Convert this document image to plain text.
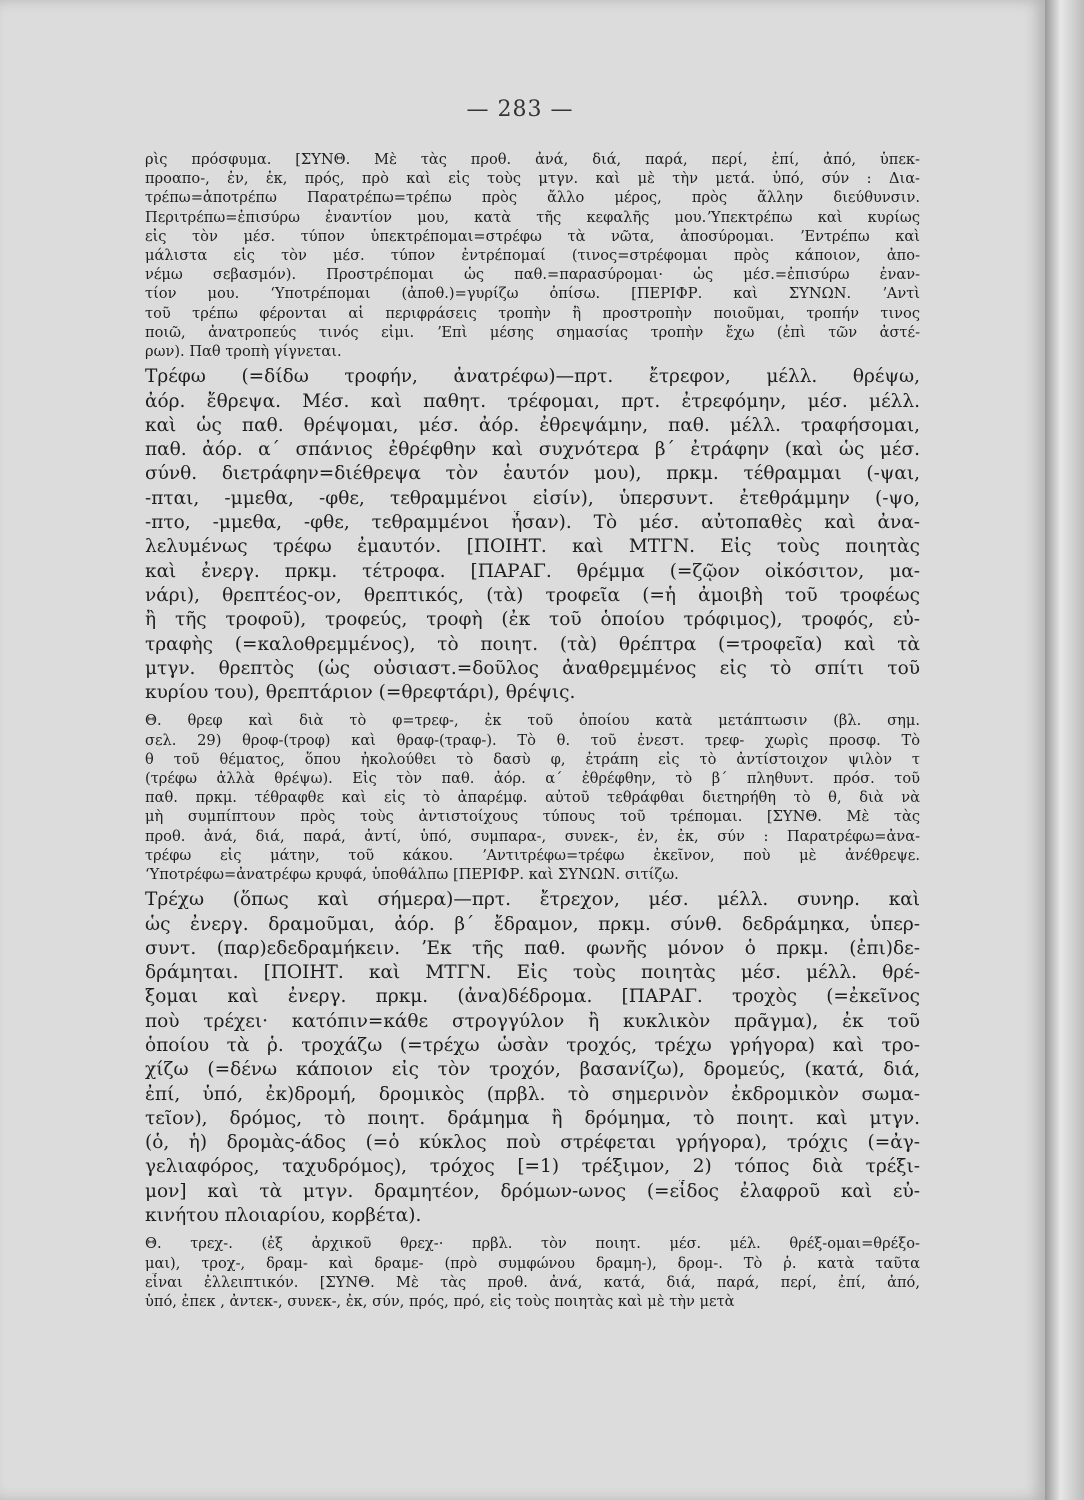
— 283 —
ρὶς πρόσφυμα. [ΣΥΝΘ. Μὲ τὰς προθ. ἀνά, διά, παρά, περί, ἐπί, ἀπό, ὑπεκ-
προαπο-, ἐν, ἐκ, πρός, πρὸ καὶ εἰς τοὺς μτγν. καὶ μὲ τὴν μετά. ὑπό, σύν : Δια-
τρέπω=ἀποτρέπω Παρατρέπω=τρέπω πρὸς ἄλλο μέρος, πρὸς ἄλλην διεύθυνσιν.
Περιτρέπω=ἐπισύρω ἐναντίον μου, κατὰ τῆς κεφαλῆς μου.ʼΥπεκτρέπω καὶ κυρίως
εἰς τὸν μέσ. τύπον ὑπεκτρέπομαι=στρέφω τὰ νῶτα, ἀποσύρομαι. ʼΕντρέπω καὶ
μάλιστα εἰς τὸν μέσ. τύπον ἐντρέπομαί (τινος=στρέφομαι πρὸς κάποιον, ἀπο-
νέμω σεβασμόν). Προστρέπομαι ὡς παθ.=παρασύρομαι· ὡς μέσ.=ἐπισύρω ἐναν-
τίον μου. ʻΥποτρέπομαι (ἀποθ.)=γυρίζω ὀπίσω. [ΠΕΡΙΦΡ. καὶ ΣΥΝΩΝ. ʼΑντὶ
τοῦ τρέπω φέρονται αἱ περιφράσεις τροπὴν ἢ προστροπὴν ποιοῦμαι, τροπήν τινος
ποιῶ, ἀνατροπεύς τινός εἰμι. ʼΕπὶ μέσης σημασίας τροπὴν ἔχω (ἐπὶ τῶν ἀστέ-
ρων). Παθ τροπὴ γίγνεται.
Τρέφω (=δίδω τροφήν, ἀνατρέφω)—πρτ. ἔτρεφον, μέλλ. θρέψω,
ἀόρ. ἔθρεψα. Μέσ. καὶ παθητ. τρέφομαι, πρτ. ἐτρεφόμην, μέσ. μέλλ.
καὶ ὡς παθ. θρέψομαι, μέσ. ἀόρ. ἐθρεψάμην, παθ. μέλλ. τραφήσομαι,
παθ. ἀόρ. α΄ σπάνιος ἐθρέφθην καὶ συχνότερα β΄ ἐτράφην (καὶ ὡς μέσ.
σύνθ. διετράφην=διέθρεψα τὸν ἑαυτόν μου), πρκμ. τέθραμμαι (-ψαι,
-πται, -μμεθα, -φθε, τεθραμμένοι εἰσίν), ὑπερσυντ. ἐτεθράμμην (-ψο,
-πτο, -μμεθα, -φθε, τεθραμμένοι ἦσαν). Τὸ μέσ. αὐτοπαθὲς καὶ ἀνα-
λελυμένως τρέφω ἐμαυτόν. [ΠΟΙΗΤ. καὶ ΜΤΓΝ. Εἰς τοὺς ποιητὰς
καὶ ἐνεργ. πρκμ. τέτροφα. [ΠΑΡΑΓ. θρέμμα (=ζῷον οἰκόσιτον, μα-
νάρι), θρεπτέος-ον, θρεπτικός, (τὰ) τροφεῖα (=ἡ ἀμοιβὴ τοῦ τροφέως
ἢ τῆς τροφοῦ), τροφεύς, τροφὴ (ἐκ τοῦ ὁποίου τρόφιμος), τροφός, εὐ-
τραφὴς (=καλοθρεμμένος), τὸ ποιητ. (τὰ) θρέπτρα (=τροφεῖα) καὶ τὰ
μτγν. θρεπτὸς (ὡς οὐσιαστ.=δοῦλος ἀναθρεμμένος εἰς τὸ σπίτι τοῦ
κυρίου του), θρεπτάριον (=θρεφτάρι), θρέψις.
Θ. θρεφ καὶ διὰ τὸ φ=τρεφ-, ἐκ τοῦ ὁποίου κατὰ μετάπτωσιν (βλ. σημ.
σελ. 29) θροφ-(τροφ) καὶ θραφ-(τραφ-). Τὸ θ. τοῦ ἐνεστ. τρεφ- χωρὶς προσφ. Τὸ
θ τοῦ θέματος, ὅπου ἠκολούθει τὸ δασὺ φ, ἐτράπη εἰς τὸ ἀντίστοιχον ψιλὸν τ
(τρέφω ἀλλὰ θρέψω). Εἰς τὸν παθ. ἀόρ. α΄ ἐθρέφθην, τὸ β΄ πληθυντ. πρόσ. τοῦ
παθ. πρκμ. τέθραφθε καὶ εἰς τὸ ἀπαρέμφ. αὐτοῦ τεθράφθαι διετηρήθη τὸ θ, διὰ νὰ
μὴ συμπίπτουν πρὸς τοὺς ἀντιστοίχους τύπους τοῦ τρέπομαι. [ΣΥΝΘ. Μὲ τὰς
προθ. ἀνά, διά, παρά, ἀντί, ὑπό, συμπαρα-, συνεκ-, ἐν, ἐκ, σύν : Παρατρέφω=ἀνα-
τρέφω εἰς μάτην, τοῦ κάκου. ʼΑντιτρέφω=τρέφω ἐκεῖνον, ποὺ μὲ ἀνέθρεψε.
ʻΥποτρέφω=ἀνατρέφω κρυφά, ὑποθάλπω [ΠΕΡΙΦΡ. καὶ ΣΥΝΩΝ. σιτίζω.
Τρέχω (ὅπως καὶ σήμερα)—πρτ. ἔτρεχον, μέσ. μέλλ. συνηρ. καὶ
ὡς ἐνεργ. δραμοῦμαι, ἀόρ. β΄ ἔδραμον, πρκμ. σύνθ. δεδράμηκα, ὑπερ-
συντ. (παρ)εδεδραμήκειν. ʼΕκ τῆς παθ. φωνῆς μόνον ὁ πρκμ. (ἐπι)δε-
δράμηται. [ΠΟΙΗΤ. καὶ ΜΤΓΝ. Εἰς τοὺς ποιητὰς μέσ. μέλλ. θρέ-
ξομαι καὶ ἐνεργ. πρκμ. (ἀνα)δέδρομα. [ΠΑΡΑΓ. τροχὸς (=ἐκεῖνος
ποὺ τρέχει· κατόπιν=κάθε στρογγύλον ἢ κυκλικὸν πρᾶγμα), ἐκ τοῦ
ὁποίου τὰ ῥ. τροχάζω (=τρέχω ὡσὰν τροχός, τρέχω γρήγορα) καὶ τρο-
χίζω (=δένω κάποιον εἰς τὸν τροχόν, βασανίζω), δρομεύς, (κατά, διά,
ἐπί, ὑπό, ἐκ)δρομή, δρομικὸς (πρβλ. τὸ σημερινὸν ἐκδρομικὸν σωμα-
τεῖον), δρόμος, τὸ ποιητ. δράμημα ἢ δρόμημα, τὸ ποιητ. καὶ μτγν.
(ὁ, ἡ) δρομὰς-άδος (=ὁ κύκλος ποὺ στρέφεται γρήγορα), τρόχις (=ἀγ-
γελιαφόρος, ταχυδρόμος), τρόχος [=1) τρέξιμον, 2) τόπος διὰ τρέξι-
μον] καὶ τὰ μτγν. δραμητέον, δρόμων-ωνος (=εἶδος ἐλαφροῦ καὶ εὐ-
κινήτου πλοιαρίου, κορβέτα).
Θ. τρεχ-. (ἐξ ἀρχικοῦ θρεχ-· πρβλ. τὸν ποιητ. μέσ. μέλ. θρέξ-ομαι=θρέξο-
μαι), τροχ-, δραμ- καὶ δραμε- (πρὸ συμφώνου δραμη-), δρομ-. Τὸ ῥ. κατὰ ταῦτα
εἶναι ἐλλειπτικόν. [ΣΥΝΘ. Μὲ τὰς προθ. ἀνά, κατά, διά, παρά, περί, ἐπί, ἀπό,
ὑπό, ἐπεκ , ἀντεκ-, συνεκ-, ἐκ, σύν, πρός, πρό, εἰς τοὺς ποιητὰς καὶ μὲ τὴν μετὰ
